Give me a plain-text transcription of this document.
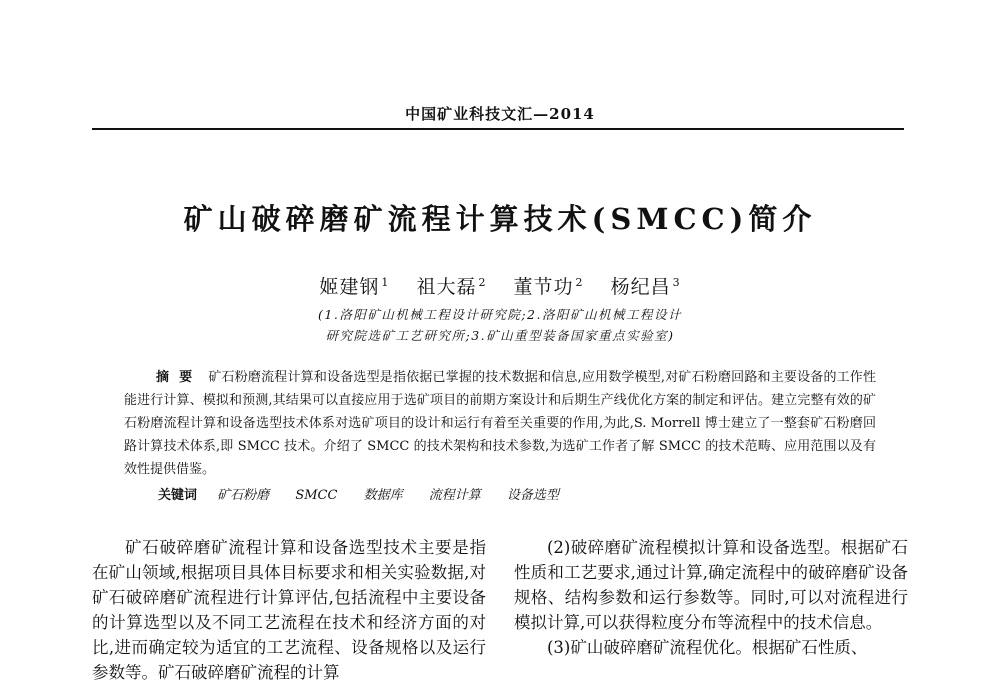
中国矿业科技文汇—2014
矿山破碎磨矿流程计算技术(SMCC)简介
姬建钢 $^1$ 祖大磊 $^2$ 董节功 $^2$ 杨纪昌 $^3$
(1.洛阳矿山机械工程设计研究院;2.洛阳矿山机械工程设计
研究院选矿工艺研究所;3.矿山重型装备国家重点实验室)
摘要 矿石粉磨流程计算和设备选型是指依据已掌握的技术数据和信息,应用数学模型,对矿石粉磨回路和主要设备的工作性能进行计算、模拟和预测,其结果可以直接应用于选矿项目的前期方案设计和后期生产线优化方案的制定和评估。建立完整有效的矿石粉磨流程计算和设备选型技术体系对选矿项目的设计和运行有着至关重要的作用,为此,S. Morrell 博士建立了一整套矿石粉磨回路计算技术体系,即 SMCC 技术。介绍了 SMCC 的技术架构和技术参数,为选矿工作者了解 SMCC 的技术范畴、应用范围以及有效性提供借鉴。
关键词 矿石粉磨 SMCC 数据库 流程计算 设备选型

矿石破碎磨矿流程计算和设备选型技术主要是指在矿山领域,根据项目具体目标要求和相关实验数据,对矿石破碎磨矿流程进行计算评估,包括流程中主要设备的计算选型以及不同工艺流程在技术和经济方面的对比,进而确定较为适宜的工艺流程、设备规格以及运行参数等。矿石破碎磨矿流程的计算

(2)破碎磨矿流程模拟计算和设备选型。根据矿石性质和工艺要求,通过计算,确定流程中的破碎磨矿设备规格、结构参数和运行参数等。同时,可以对流程进行模拟计算,可以获得粒度分布等流程中的技术信息。

(3)矿山破碎磨矿流程优化。根据矿石性质、
